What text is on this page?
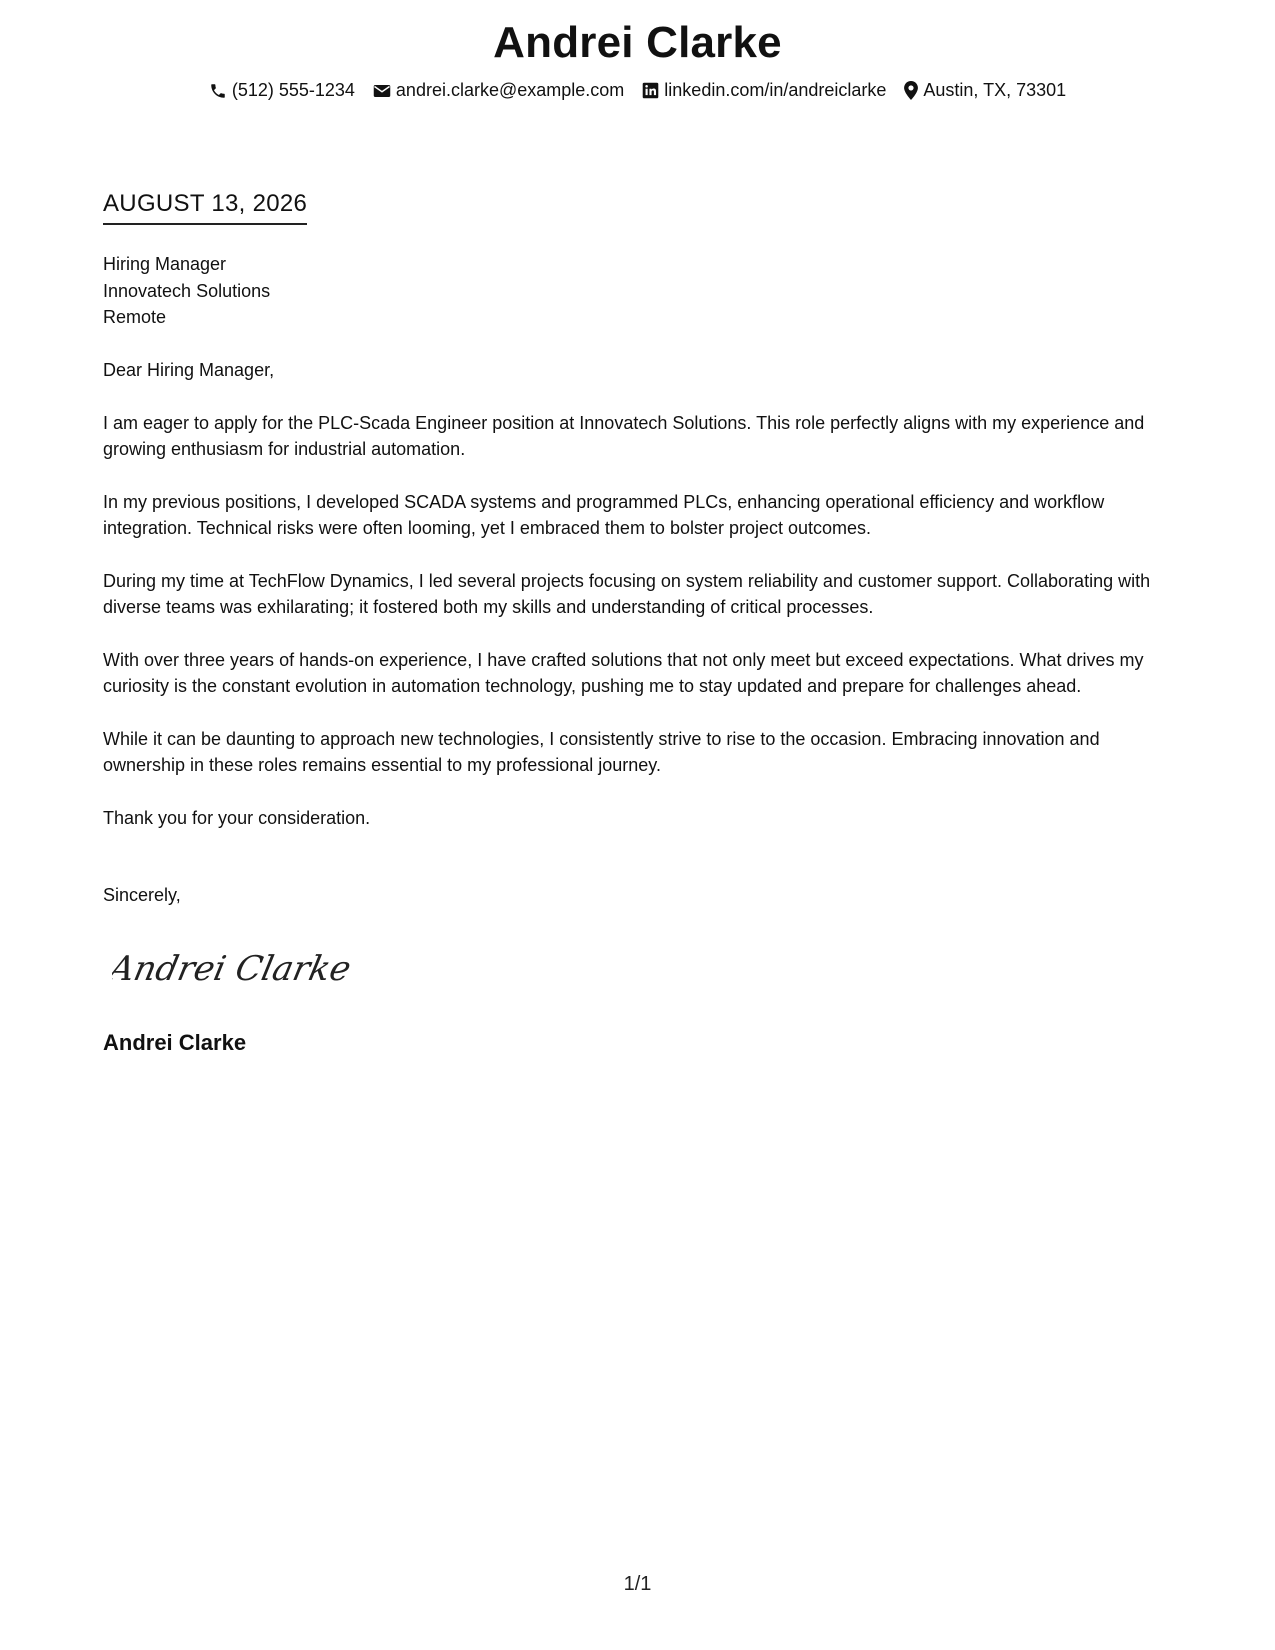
Andrei Clarke
(512) 555-1234 andrei.clarke@example.com linkedin.com/in/andreiclarke Austin, TX, 73301
AUGUST 13, 2026
Hiring Manager
Innovatech Solutions
Remote

Dear Hiring Manager,

I am eager to apply for the PLC-Scada Engineer position at Innovatech Solutions. This role perfectly aligns with my experience and growing enthusiasm for industrial automation.

In my previous positions, I developed SCADA systems and programmed PLCs, enhancing operational efficiency and workflow integration. Technical risks were often looming, yet I embraced them to bolster project outcomes.

During my time at TechFlow Dynamics, I led several projects focusing on system reliability and customer support. Collaborating with diverse teams was exhilarating; it fostered both my skills and understanding of critical processes.

With over three years of hands-on experience, I have crafted solutions that not only meet but exceed expectations. What drives my curiosity is the constant evolution in automation technology, pushing me to stay updated and prepare for challenges ahead.

While it can be daunting to approach new technologies, I consistently strive to rise to the occasion. Embracing innovation and ownership in these roles remains essential to my professional journey.

Thank you for your consideration.

Sincerely,
Andrei Clarke
Andrei Clarke
1/1
